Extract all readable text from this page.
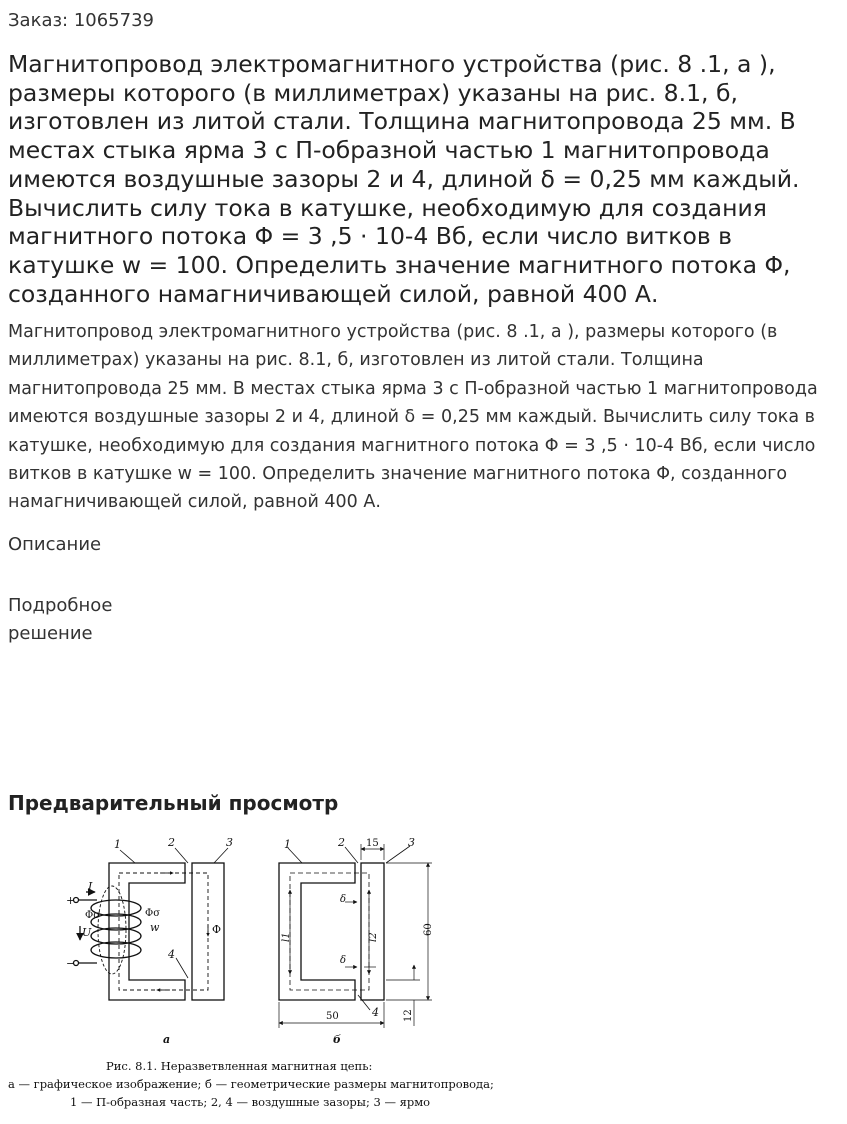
Заказ: 1065739
Магнитопровод электромагнитного устройства (рис. 8 .1, а ), размеры которого (в миллиметрах) указаны на рис. 8.1, б, изготовлен из литой стали. Толщина магнитопровода 25 мм. В местах стыка ярма 3 с П-образной частью 1 магнитопровода имеются воздушные зазоры 2 и 4, длиной δ = 0,25 мм каждый. Вычислить силу тока в катушке, необходимую для создания магнитного потока Φ = 3 ,5 · 10-4 Вб, если число витков в катушке w = 100. Определить значение магнитного потока Φ, созданного намагничивающей силой, равной 400 А.

Магнитопровод электромагнитного устройства (рис. 8 .1, а ), размеры которого (в миллиметрах) указаны на рис. 8.1, б, изготовлен из литой стали. Толщина магнитопровода 25 мм. В местах стыка ярма 3 с П-образной частью 1 магнитопровода имеются воздушные зазоры 2 и 4, длиной δ = 0,25 мм каждый. Вычислить силу тока в катушке, необходимую для создания магнитного потока Φ = 3 ,5 · 10-4 Вб, если число витков в катушке w = 100. Определить значение магнитного потока Φ, созданного намагничивающей силой, равной 400 А.

Описание
Подробное решение
Предварительный просмотр
1	2	3
4
+
−
I
U
Φσ	Φσ
w	Φ
а
1	2	3
4
15
60
50	12
δ
δ
l1	l2
б
Рис. 8.1. Неразветвленная магнитная цепь:
а — графическое изображение; б — геометрические размеры магнитопровода;
1 — П-образная часть; 2, 4 — воздушные зазоры; 3 — ярмо
